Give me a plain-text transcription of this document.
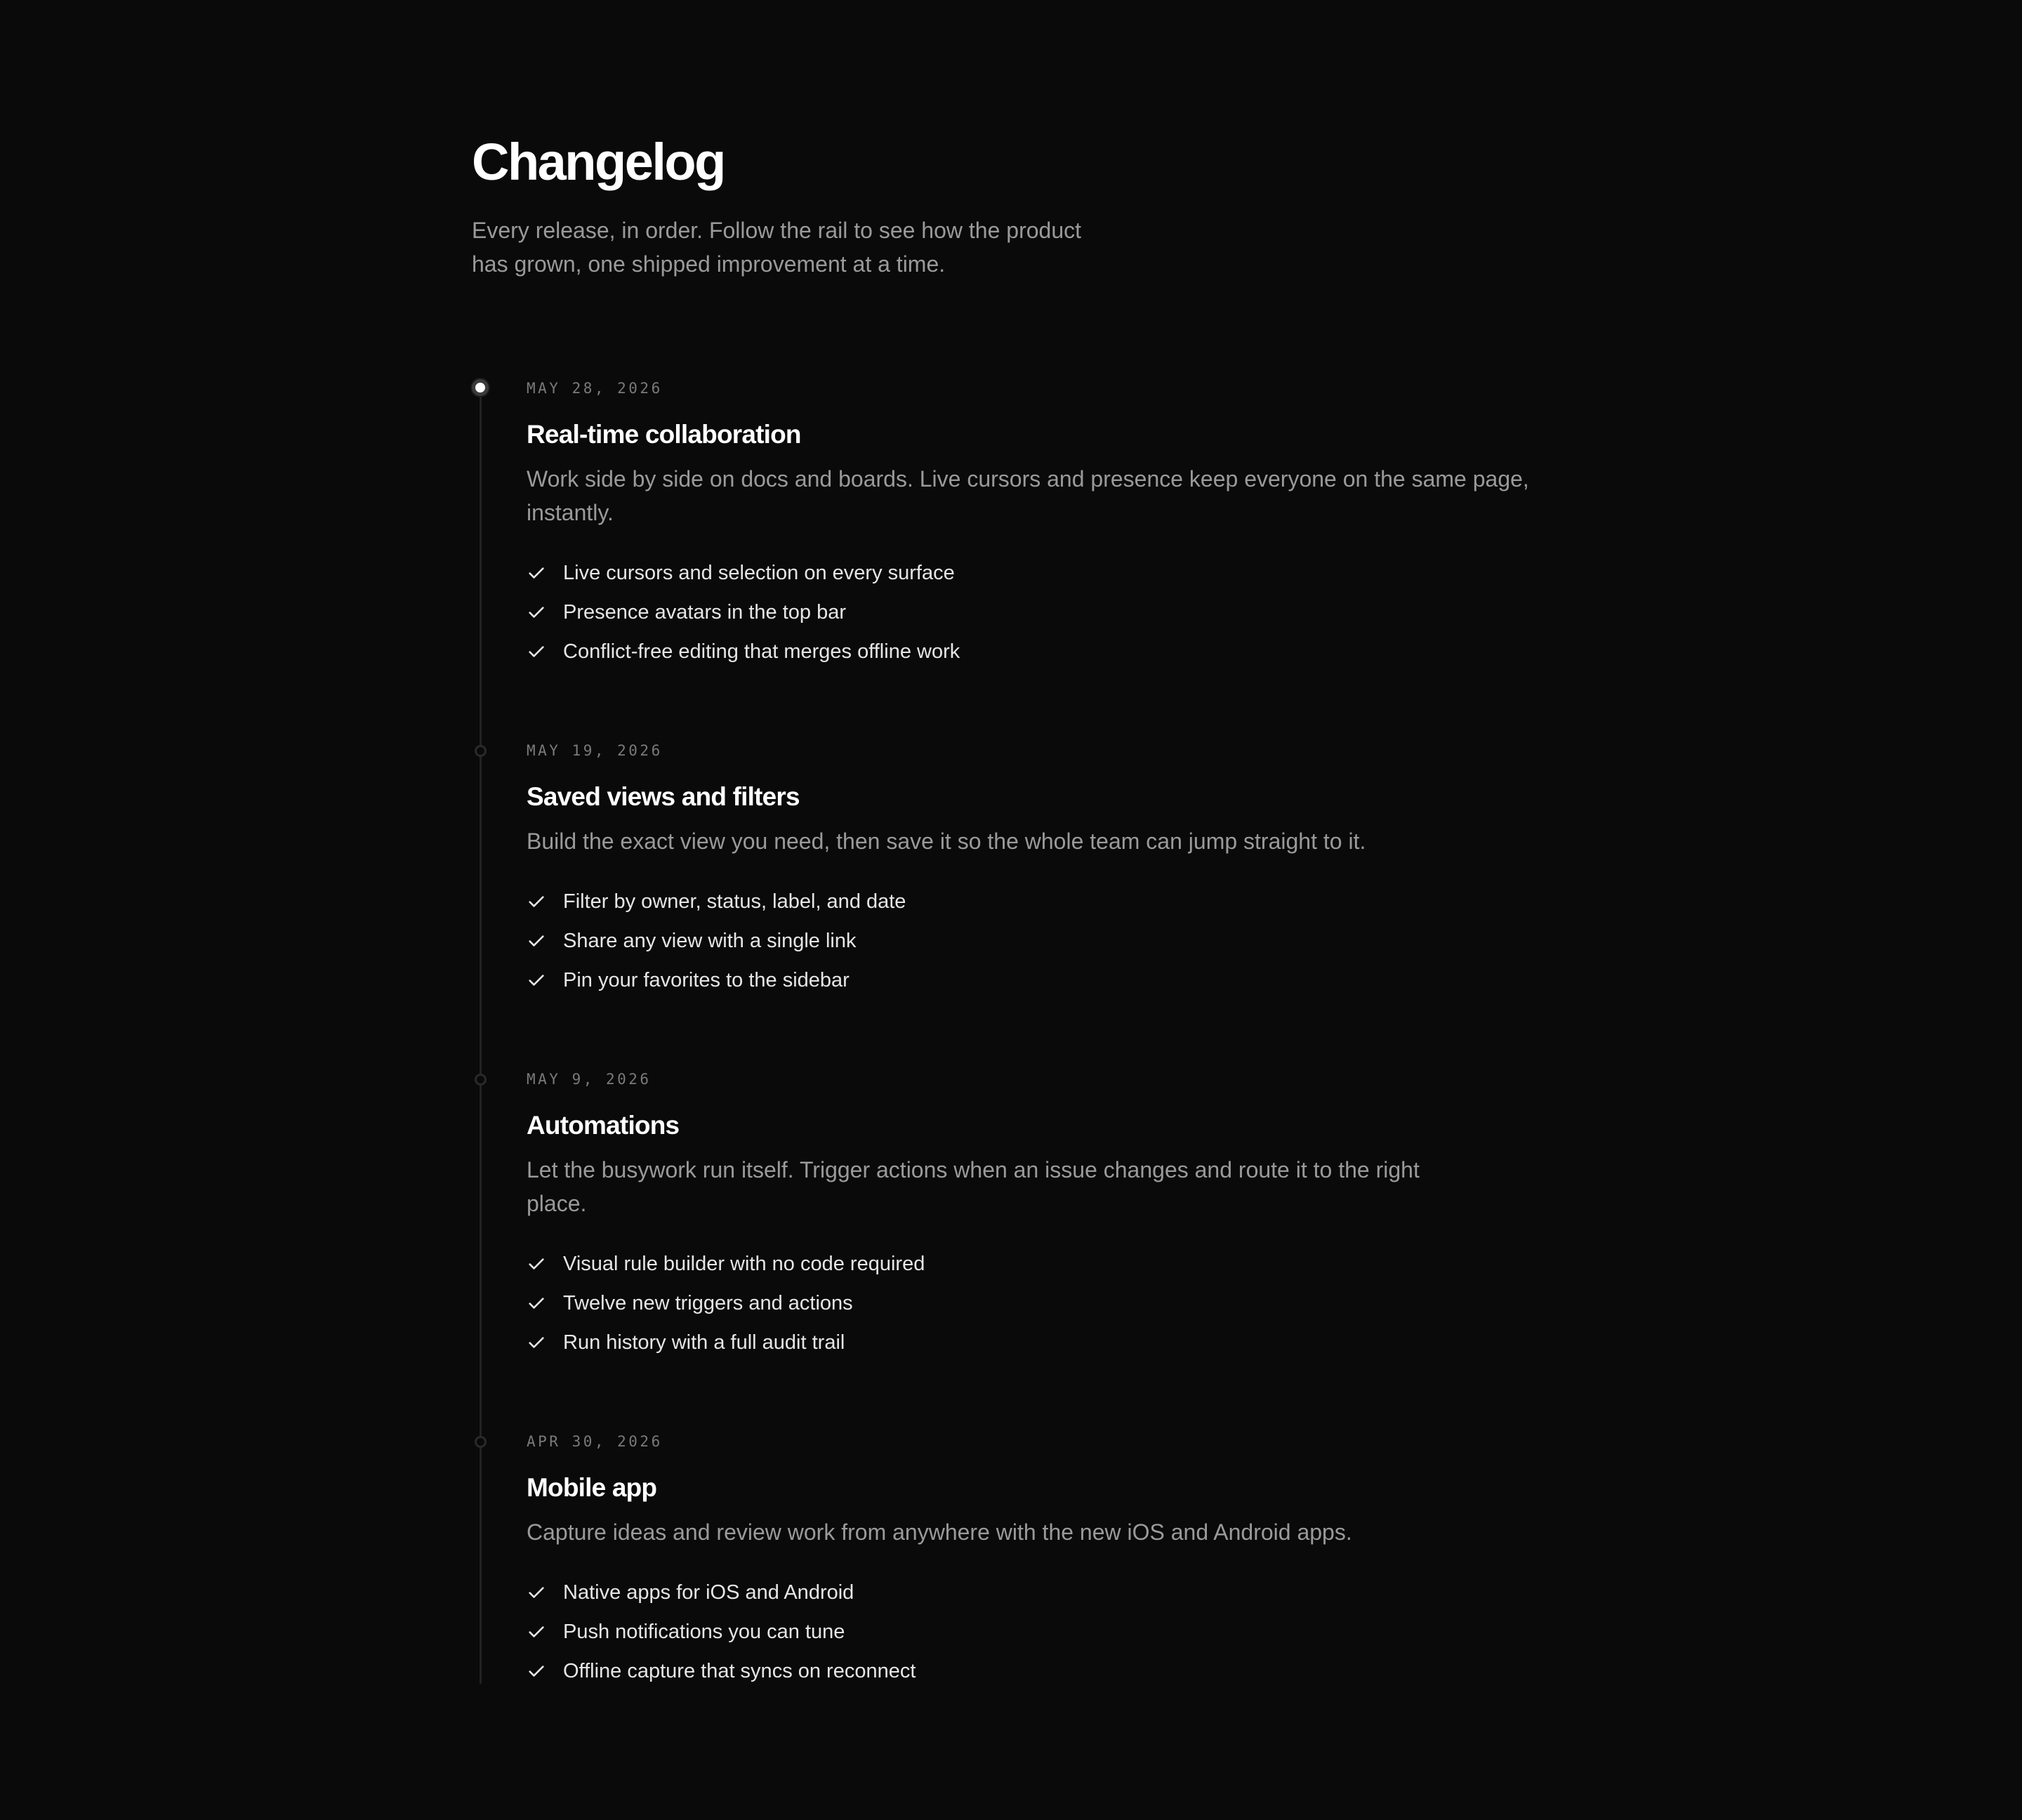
Changelog

Every release, in order. Follow the rail to see how the product has grown, one shipped improvement at a time.

MAY 28, 2026
Real-time collaboration

Work side by side on docs and boards. Live cursors and presence keep everyone on the same page, instantly.

Live cursors and selection on every surface
Presence avatars in the top bar
Conflict-free editing that merges offline work
MAY 19, 2026
Saved views and filters

Build the exact view you need, then save it so the whole team can jump straight to it.

Filter by owner, status, label, and date
Share any view with a single link
Pin your favorites to the sidebar
MAY 9, 2026
Automations

Let the busywork run itself. Trigger actions when an issue changes and route it to the right place.

Visual rule builder with no code required
Twelve new triggers and actions
Run history with a full audit trail
APR 30, 2026
Mobile app

Capture ideas and review work from anywhere with the new iOS and Android apps.

Native apps for iOS and Android
Push notifications you can tune
Offline capture that syncs on reconnect
